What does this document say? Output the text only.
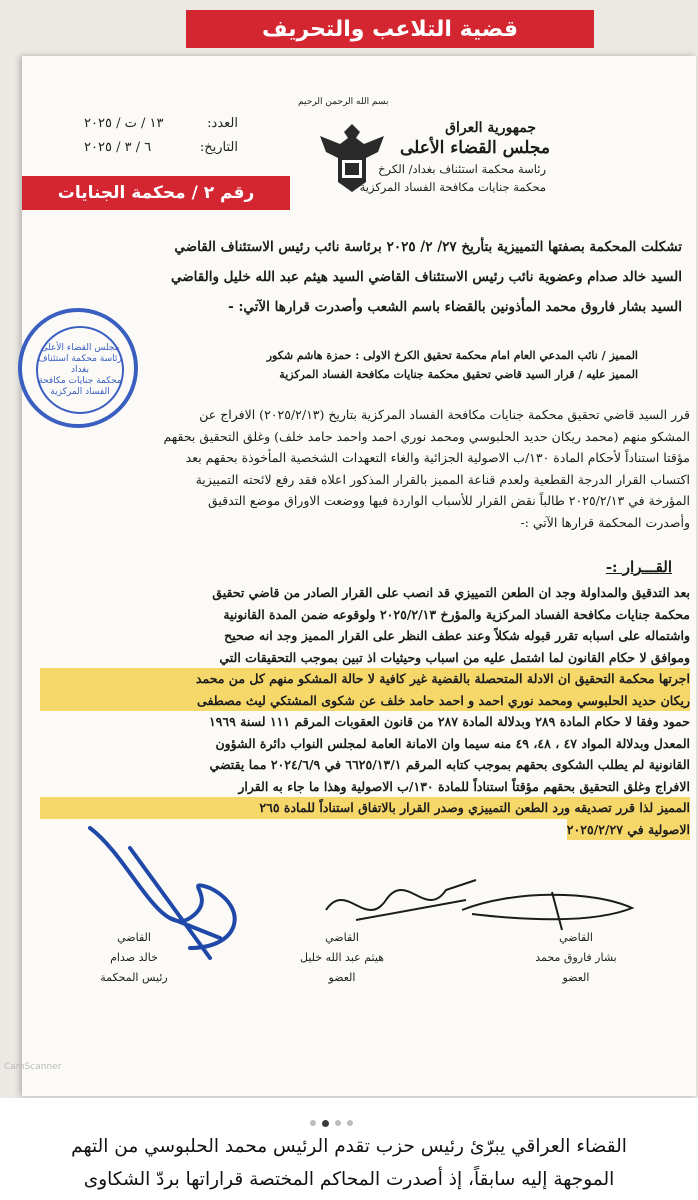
قضية التلاعب والتحريف
جمهورية العراق
مجلس القضاء الأعلى
رئاسة محكمة استئناف بغداد/ الكرخ
محكمة جنايات مكافحة الفساد المركزية
بسم الله الرحمن الرحيم
العدد:
١٣ / ت / ٢٠٢٥
التاريخ:
٦ / ٣ / ٢٠٢٥
رقم ٢ / محكمة الجنايات
تشكلت المحكمة بصفتها التمييزية بتأريخ ٢٧/ ٢/ ٢٠٢٥ برئاسة نائب رئيس الاستئناف القاضي
السيد خالد صدام وعضوية نائب رئيس الاستئناف القاضي السيد هيثم عبد الله خليل والقاضي
السيد بشار فاروق محمد المأذونين بالقضاء باسم الشعب وأصدرت قرارها الآتي: -
مجلس القضاء الأعلى
رئاسة محكمة استئناف بغداد
محكمة جنايات مكافحة
الفساد المركزية
المميز / نائب المدعي العام امام محكمة تحقيق الكرخ الاولى : حمزة هاشم شكور
المميز عليه / قرار السيد قاضي تحقيق محكمة جنايات مكافحة الفساد المركزية
قرر السيد قاضي تحقيق محكمة جنايات مكافحة الفساد المركزية بتاريخ (٢٠٢٥/٢/١٣) الافراج عن
المشكو منهم (محمد ريكان حديد الحلبوسي ومحمد نوري احمد واحمد حامد خلف) وغلق التحقيق بحقهم
مؤقتا استناداً لأحكام المادة ١٣٠/ب الاصولية الجزائية والغاء التعهدات الشخصية المأخوذة بحقهم بعد
اكتساب القرار الدرجة القطعية ولعدم قناعة المميز بالقرار المذكور اعلاه فقد رفع لائحته التمييزية
المؤرخة في ٢٠٢٥/٢/١٣ طالباً نقض القرار للأسباب الواردة فيها ووضعت الاوراق موضع التدقيق
وأصدرت المحكمة قرارها الآتي :-
القـــرار :-
بعد التدقيق والمداولة وجد ان الطعن التمييزي قد انصب على القرار الصادر من قاضي تحقيق
محكمة جنايات مكافحة الفساد المركزية والمؤرخ ٢٠٢٥/٢/١٣ ولوقوعه ضمن المدة القانونية
واشتماله على اسبابه تقرر قبوله شكلاً وعند عطف النظر على القرار المميز وجد انه صحيح
وموافق لا حكام القانون لما اشتمل عليه من اسباب وحيثيات اذ تبين بموجب التحقيقات التي
اجرتها محكمة التحقيق ان الادلة المتحصلة بالقضية غير كافية لا حالة المشكو منهم كل من محمد
ريكان حديد الحلبوسي ومحمد نوري احمد و احمد حامد خلف عن شكوى المشتكي ليث مصطفى
حمود وفقا لا حكام المادة ٢٨٩ وبدلالة المادة ٢٨٧ من قانون العقوبات المرقم ١١١ لسنة ١٩٦٩
المعدل وبدلالة المواد ٤٧ ، ٤٨، ٤٩ منه سيما وان الامانة العامة لمجلس النواب دائرة الشؤون
القانونية لم يطلب الشكوى بحقهم بموجب كتابه المرقم ٦٦٢٥/١٣/١ في ٢٠٢٤/٦/٩ مما يقتضي
الافراج وغلق التحقيق بحقهم مؤقتاً استناداً للمادة ١٣٠/ب الاصولية وهذا ما جاء به القرار
المميز لذا قرر تصديقه ورد الطعن التمييزي وصدر القرار بالاتفاق استناداً للمادة ٢٦٥
الاصولية في ٢٠٢٥/٢/٢٧
القاضي
خالد صدام
رئيس المحكمة
القاضي
هيثم عبد الله خليل
العضو
القاضي
بشار فاروق محمد
العضو
CamScanner
القضاء العراقي يبرّئ رئيس حزب تقدم الرئيس محمد الحلبوسي من التهم
الموجهة إليه سابقاً، إذ أصدرت المحاكم المختصة قراراتها بردّ الشكاوى
